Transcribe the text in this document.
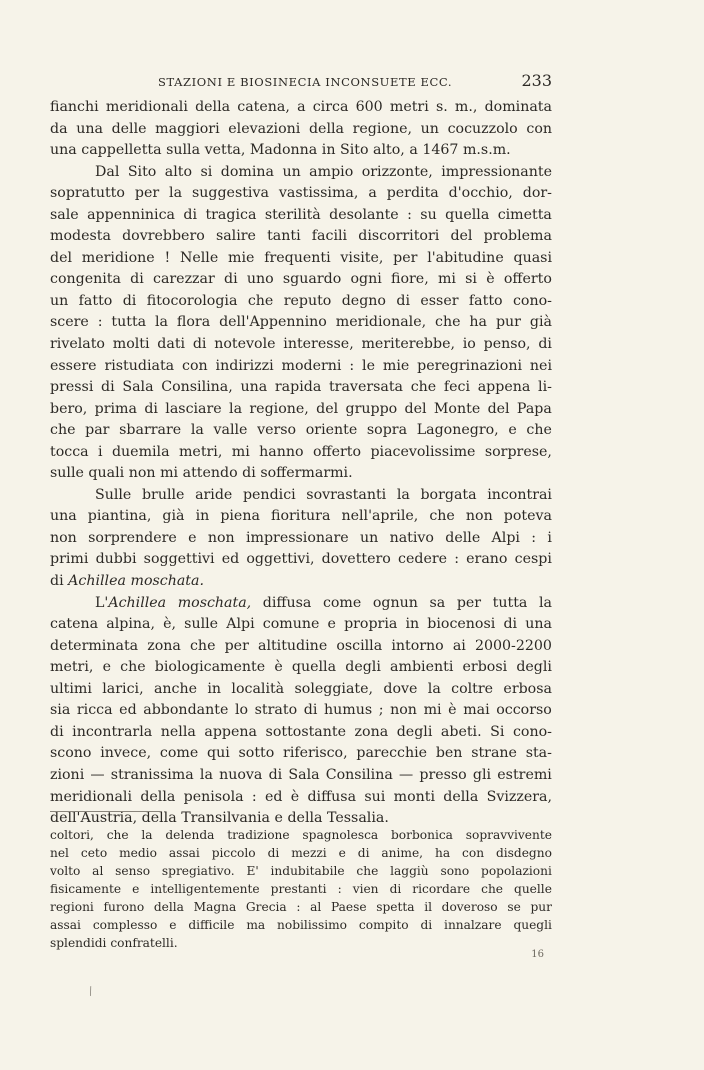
STAZIONI E BIOSINECIA INCONSUETE ECC.	233
fianchi meridionali della catena, a circa 600 metri s. m., dominata
da una delle maggiori elevazioni della regione, un cocuzzolo con
una cappelletta sulla vetta, Madonna in Sito alto, a 1467 m.s.m.
Dal Sito alto si domina un ampio orizzonte, impressionante
sopratutto per la suggestiva vastissima, a perdita d'occhio, dor-
sale appenninica di tragica sterilità desolante : su quella cimetta
modesta dovrebbero salire tanti facili discorritori del problema
del meridione ! Nelle mie frequenti visite, per l'abitudine quasi
congenita di carezzar di uno sguardo ogni fiore, mi si è offerto
un fatto di fitocorologia che reputo degno di esser fatto cono-
scere : tutta la flora dell'Appennino meridionale, che ha pur già
rivelato molti dati di notevole interesse, meriterebbe, io penso, di
essere ristudiata con indirizzi moderni : le mie peregrinazioni nei
pressi di Sala Consilina, una rapida traversata che feci appena li-
bero, prima di lasciare la regione, del gruppo del Monte del Papa
che par sbarrare la valle verso oriente sopra Lagonegro, e che
tocca i duemila metri, mi hanno offerto piacevolissime sorprese,
sulle quali non mi attendo di soffermarmi.
Sulle brulle aride pendici sovrastanti la borgata incontrai
una piantina, già in piena fioritura nell'aprile, che non poteva
non sorprendere e non impressionare un nativo delle Alpi : i
primi dubbi soggettivi ed oggettivi, dovettero cedere : erano cespi
di Achillea moschata.
L'Achillea moschata, diffusa come ognun sa per tutta la
catena alpina, è, sulle Alpi comune e propria in biocenosi di una
determinata zona che per altitudine oscilla intorno ai 2000-2200
metri, e che biologicamente è quella degli ambienti erbosi degli
ultimi larici, anche in località soleggiate, dove la coltre erbosa
sia ricca ed abbondante lo strato di humus ; non mi è mai occorso
di incontrarla nella appena sottostante zona degli abeti. Si cono-
scono invece, come qui sotto riferisco, parecchie ben strane sta-
zioni — stranissima la nuova di Sala Consilina — presso gli estremi
meridionali della penisola : ed è diffusa sui monti della Svizzera,
dell'Austria, della Transilvania e della Tessalia.
coltori, che la delenda tradizione spagnolesca borbonica sopravvivente
nel ceto medio assai piccolo di mezzi e di anime, ha con disdegno
volto al senso spregiativo. E' indubitabile che laggiù sono popolazioni
fisicamente e intelligentemente prestanti : vien di ricordare che quelle
regioni furono della Magna Grecia : al Paese spetta il doveroso se pur
assai complesso e difficile ma nobilissimo compito di innalzare quegli
splendidi confratelli.
16
⁄
